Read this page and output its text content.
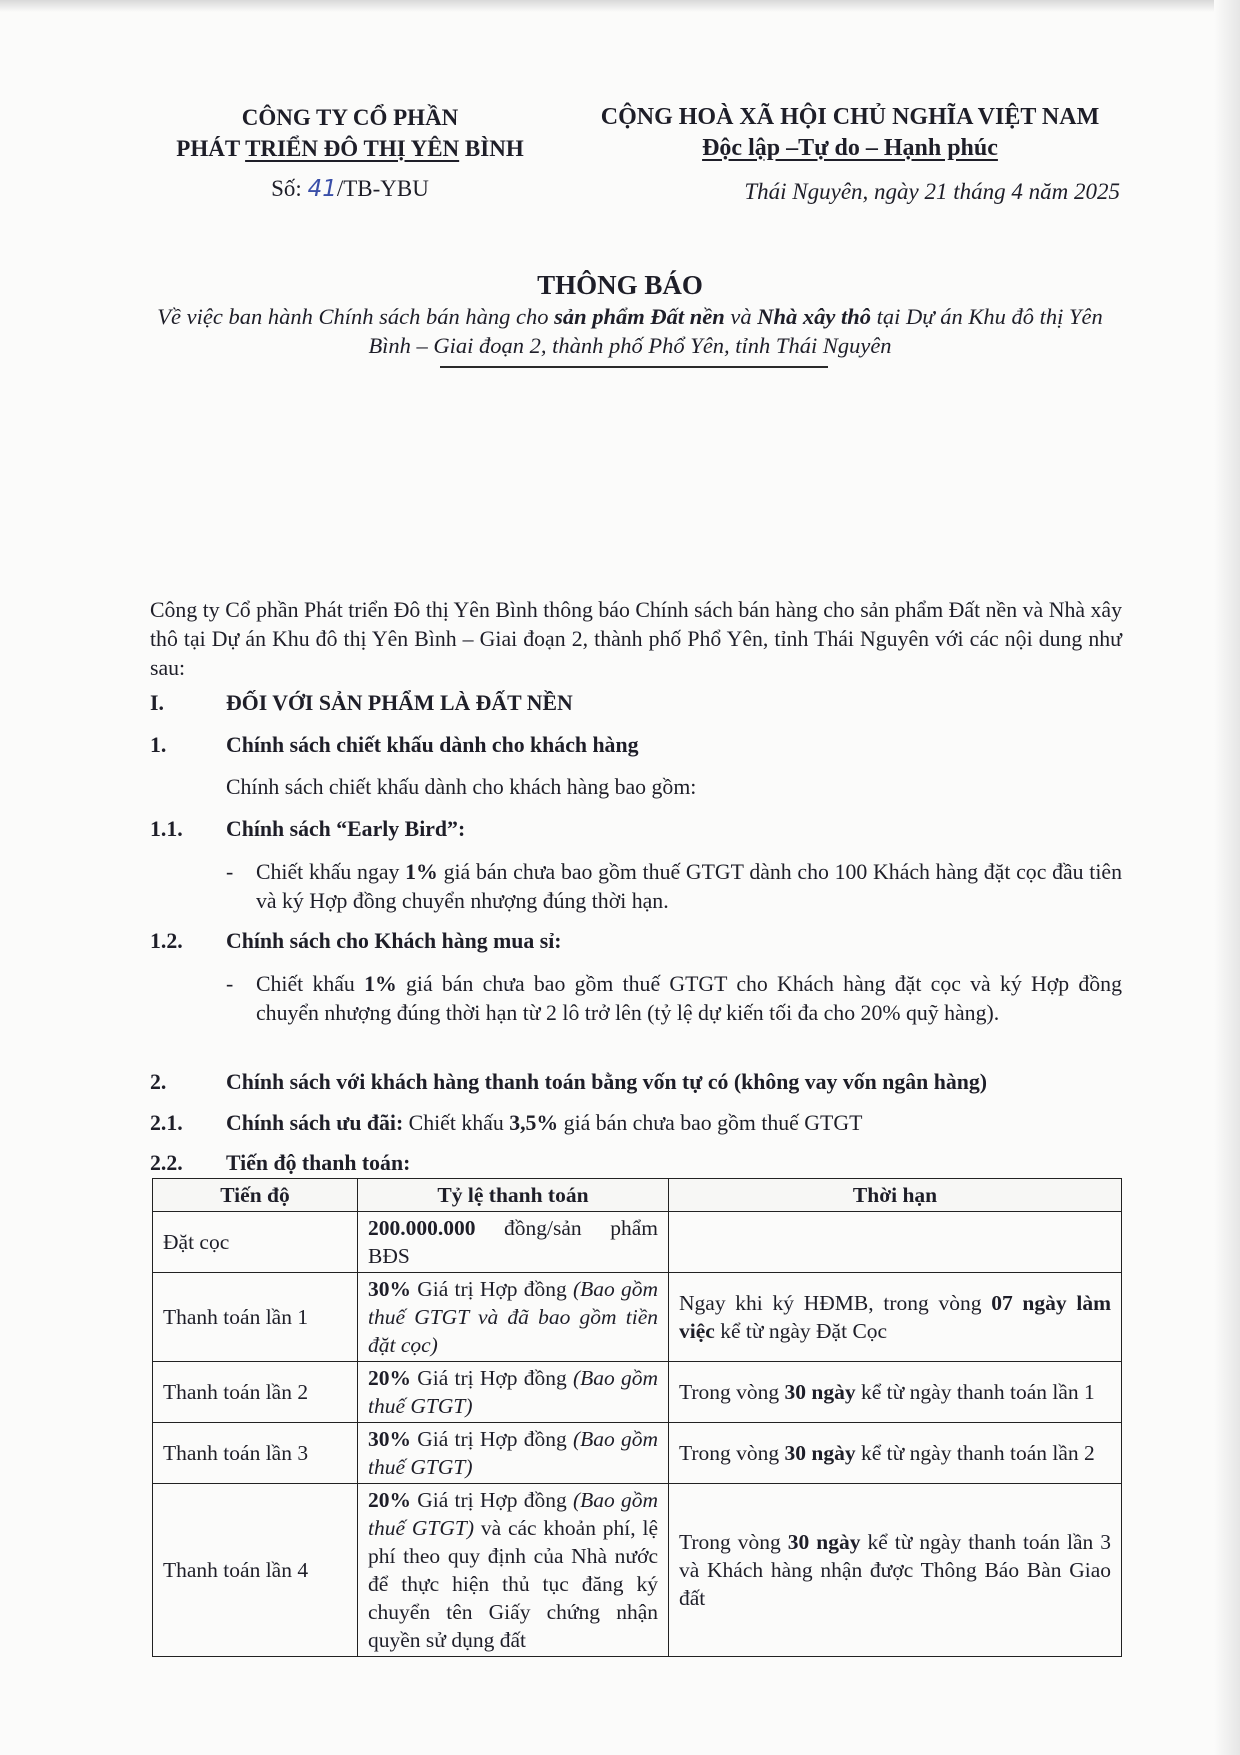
CÔNG TY CỔ PHẦN
PHÁT TRIỂN ĐÔ THỊ YÊN BÌNH
Số: 41/TB-YBU
CỘNG HOÀ XÃ HỘI CHỦ NGHĨA VIỆT NAM
Độc lập –Tự do – Hạnh phúc
Thái Nguyên, ngày 21 tháng 4 năm 2025
THÔNG BÁO
Về việc ban hành Chính sách bán hàng cho sản phẩm Đất nền và Nhà xây thô tại Dự án Khu đô thị Yên Bình – Giai đoạn 2, thành phố Phổ Yên, tỉnh Thái Nguyên

Công ty Cổ phần Phát triển Đô thị Yên Bình thông báo Chính sách bán hàng cho sản phẩm Đất nền và Nhà xây thô tại Dự án Khu đô thị Yên Bình – Giai đoạn 2, thành phố Phổ Yên, tỉnh Thái Nguyên với các nội dung như sau:

I.	ĐỐI VỚI SẢN PHẨM LÀ ĐẤT NỀN
1.	Chính sách chiết khấu dành cho khách hàng
Chính sách chiết khấu dành cho khách hàng bao gồm:
1.1. Chính sách “Early Bird”:
- Chiết khấu ngay 1% giá bán chưa bao gồm thuế GTGT dành cho 100 Khách hàng đặt cọc đầu tiên và ký Hợp đồng chuyển nhượng đúng thời hạn.
1.2. Chính sách cho Khách hàng mua sỉ:
- Chiết khấu 1% giá bán chưa bao gồm thuế GTGT cho Khách hàng đặt cọc và ký Hợp đồng chuyển nhượng đúng thời hạn từ 2 lô trở lên (tỷ lệ dự kiến tối đa cho 20% quỹ hàng).
2.	Chính sách với khách hàng thanh toán bằng vốn tự có (không vay vốn ngân hàng)
2.1. Chính sách ưu đãi: Chiết khấu 3,5% giá bán chưa bao gồm thuế GTGT
2.2. Tiến độ thanh toán:
Tiến độ	Tỷ lệ thanh toán	Thời hạn
Đặt cọc	200.000.000 đồng/sản phẩm BĐS	
Thanh toán lần 1	30% Giá trị Hợp đồng (Bao gồm thuế GTGT và đã bao gồm tiền đặt cọc)	Ngay khi ký HĐMB, trong vòng 07 ngày làm việc kể từ ngày Đặt Cọc
Thanh toán lần 2	20% Giá trị Hợp đồng (Bao gồm thuế GTGT)	Trong vòng 30 ngày kể từ ngày thanh toán lần 1
Thanh toán lần 3	30% Giá trị Hợp đồng (Bao gồm thuế GTGT)	Trong vòng 30 ngày kể từ ngày thanh toán lần 2
Thanh toán lần 4	20% Giá trị Hợp đồng (Bao gồm thuế GTGT) và các khoản phí, lệ phí theo quy định của Nhà nước để thực hiện thủ tục đăng ký chuyển tên Giấy chứng nhận quyền sử dụng đất	Trong vòng 30 ngày kể từ ngày thanh toán lần 3 và Khách hàng nhận được Thông Báo Bàn Giao đất
